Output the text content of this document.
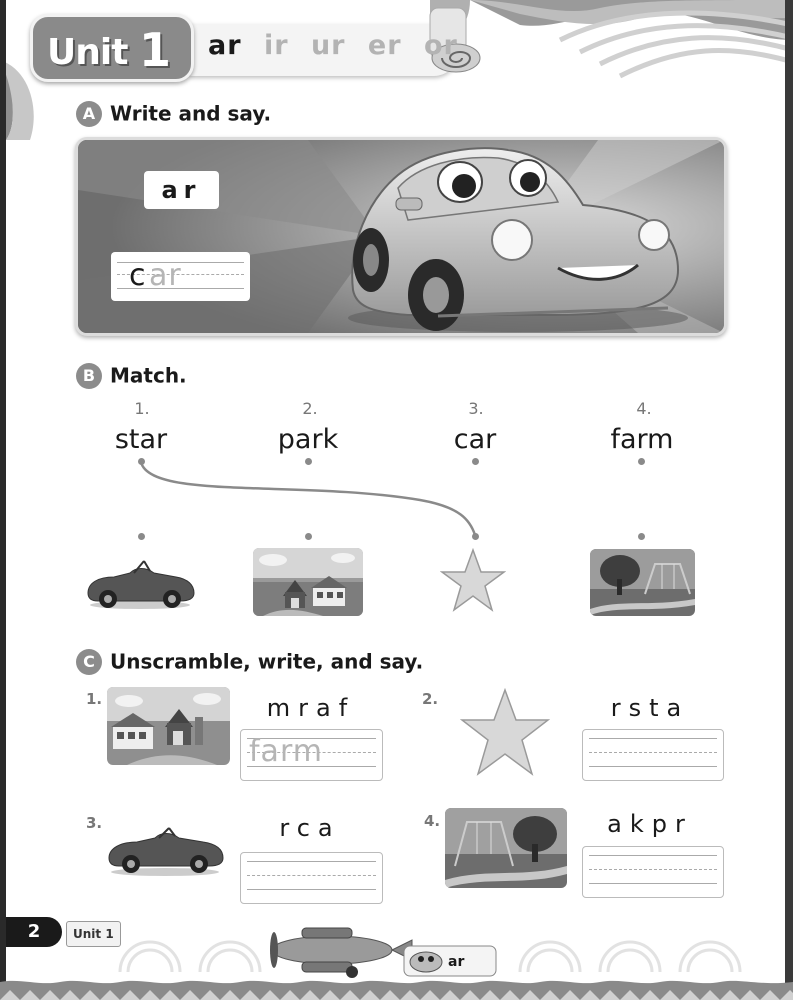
Unit 1 ar ir ur er or
A Write and say.
ar
c ar
B Match.
1.	2.	3.	4.
star	park	car	farm
C Unscramble, write, and say.
1.	mraf
farm
2.	rsta
3.	rca	4.	akpr
2	Unit 1
ar
